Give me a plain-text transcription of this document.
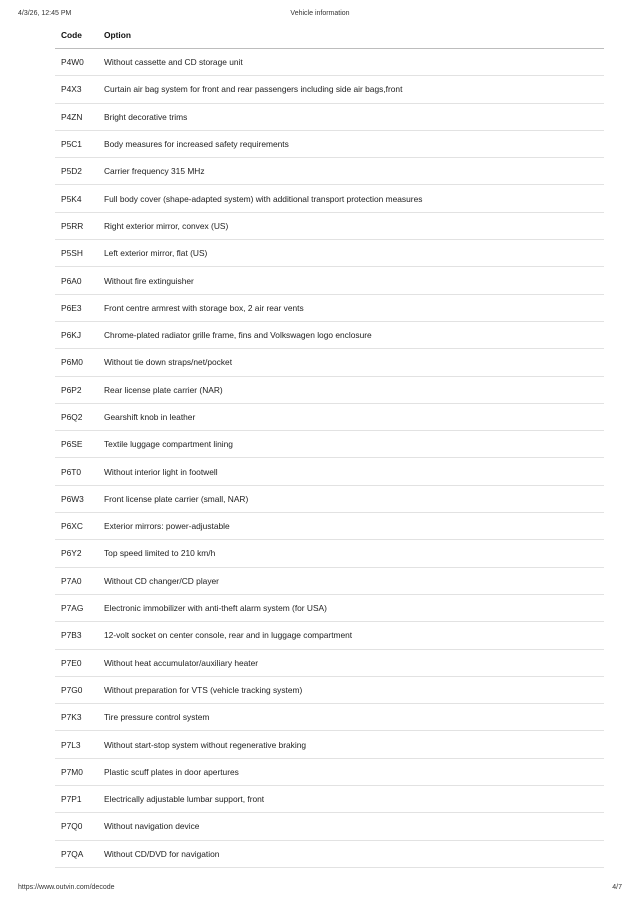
4/3/26, 12:45 PM	Vehicle information
Code	Option
P4W0	Without cassette and CD storage unit
P4X3	Curtain air bag system for front and rear passengers including side air bags,front
P4ZN	Bright decorative trims
P5C1	Body measures for increased safety requirements
P5D2	Carrier frequency 315 MHz
P5K4	Full body cover (shape-adapted system) with additional transport protection measures
P5RR	Right exterior mirror, convex (US)
P5SH	Left exterior mirror, flat (US)
P6A0	Without fire extinguisher
P6E3	Front centre armrest with storage box, 2 air rear vents
P6KJ	Chrome-plated radiator grille frame, fins and Volkswagen logo enclosure
P6M0	Without tie down straps/net/pocket
P6P2	Rear license plate carrier (NAR)
P6Q2	Gearshift knob in leather
P6SE	Textile luggage compartment lining
P6T0	Without interior light in footwell
P6W3	Front license plate carrier (small, NAR)
P6XC	Exterior mirrors: power-adjustable
P6Y2	Top speed limited to 210 km/h
P7A0	Without CD changer/CD player
P7AG	Electronic immobilizer with anti-theft alarm system (for USA)
P7B3	12-volt socket on center console, rear and in luggage compartment
P7E0	Without heat accumulator/auxiliary heater
P7G0	Without preparation for VTS (vehicle tracking system)
P7K3	Tire pressure control system
P7L3	Without start-stop system without regenerative braking
P7M0	Plastic scuff plates in door apertures
P7P1	Electrically adjustable lumbar support, front
P7Q0	Without navigation device
P7QA	Without CD/DVD for navigation
https://www.outvin.com/decode	4/7
